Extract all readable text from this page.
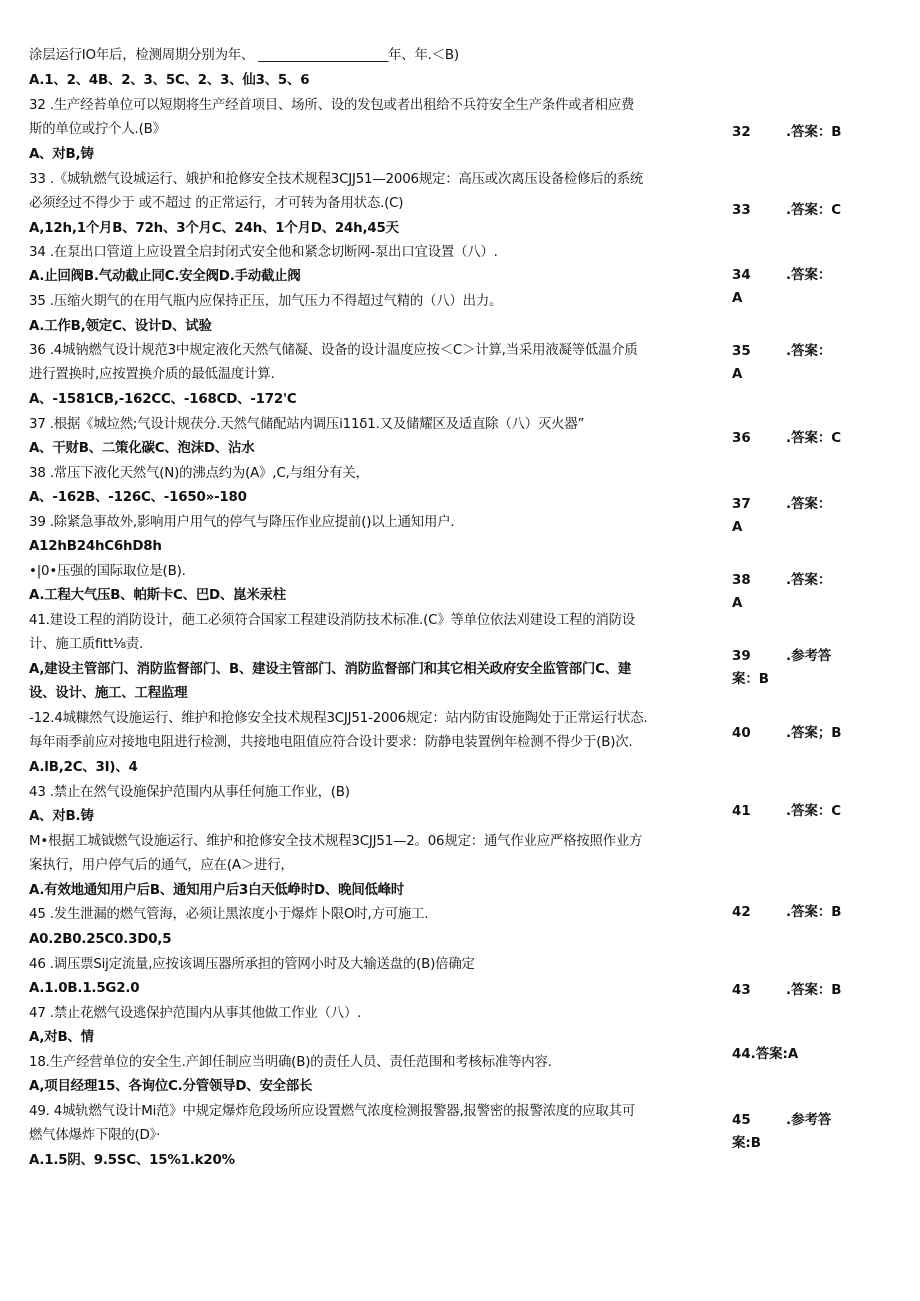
涂层运行IO年后，检测周期分别为年、 ____________________年、年.＜B)
A.1、2、4B、2、3、5C、2、3、仙3、5、6
32 .生产经苔单位可以短期将生产经首项目、场所、设的发包或者出租给不兵符安全生产条件或者相应费
斯的单位或拧个人.(B》
A、对B,铸
33 .《城轨燃气设城运行、娥护和抢修安全技术规程3CJJ51—2006规定：高压或次离压设备检修后的系统
必须经过不得少于 或不超过 的正常运行，才可转为备用状态.(C)
A,12h,1个月B、72h、3个月C、24h、1个月D、24h,45天
34 .在泵出口管道上应设置全启封闭式安全他和紧念切断网-泵出口宜设置（八）.
A.止回阀B.气动截止同C.安全阀D.手动截止阀
35 .压缩火期气的在用气瓶内应保持正压，加气压力不得超过气精的（八）出力。
A.工作B,领定C、设计D、试验
36 .4城钠燃气设计规范3中规定液化天然气储凝、设备的设计温度应按＜C＞计算,当采用液凝等低温介质
进行置换时,应按置换介质的最低温度计算.
A、-1581CB,-162CC、-168CD、-172'C
37 .根据《城垃然;气设计规茯分.天然气储配站内调压i11δ1.又及储耀区及适直除（八）灭火器”
A、干财B、二策化碳C、泡沫D、沾水
38 .常压下液化天然气(N)的沸点约为(A》,C,与组分有关，
A、-162B、-126C、-1650»-180
39 .除紧急事故外,影响用户用气的停气与降压作业应提前()以上通知用户.
A12hB24hC6hD8h
•|0•压强的国际取位是(B).
A.工程大气压B、帕斯卡C、巴D、崑米汞柱
41.建设工程的消防设计，葩工必须符合国家工程建设消防技术标准.(C》等单位依法刈建设工程的消防设
计、施工质fitt⅛责.
A,建设主管部门、消防监督部门、B、建设主管部门、消防监督部门和其它相关政府安全监管部门C、建
设、设计、施工、工程监理
-12.4城糠然气设施运行、维护和抢修安全技术规程3CJJ51-2006规定：站内防宙设施陶处于正常运行状态.
每年雨季前应对接地电阻进行检测，共接地电阻值应符合设计要求：防静电装置例年检测不得少于(B)次.
A.lB,2C、3I)、4
43 .禁止在然气设施保护范围内从事任何施工作业，(B)
A、对B.铸
M•根据工城钺燃气设施运行、维护和抢修安全技术规程3CJJ51—2。06规定：通气作业应严格按照作业方
案执行，用户停气后的通气，应在(A＞进行，
A.有效地通知用户后B、通知用户后3白天低峥时D、晚间低峰时
45 .发生泄漏的燃气管海，必须让黑浓度小于爆炸卜限O时,方可施工.
A0.2B0.25C0.3D0,5
46 .调压票Sij定流量,应按该调压器所承担的管网小时及大输送盘的(B)倍确定
A.1.0B.1.5G2.0
47 .禁止花燃气设逃保护范围内从事其他做工作业（八）.
A,对B、情
18.生产经营单位的安全生.产卸任制应当明确(B)的责任人员、责任范围和考核标准等内容.
A,项目经理15、各询位C.分管领导D、安全部长
49. 4城轨燃气设计Mi范》中规定爆炸危段场所应设置燃气浓度检测报警器,报警密的报警浓度的应取其可
燃气体爆炸下限的(D》·
A.1.5阴、9.5SC、15%1.k20%
32	.答案：B
33	.答案：C
34	.答案：
A
35	.答案：
A
36	.答案：C
37	.答案：
A
38	.答案：
A
39	.参考答
案：B
40	.答案；B
41	.答案：C
42	.答案：B
43	.答案：B
44.答案:A
45	.参考答
案:B
